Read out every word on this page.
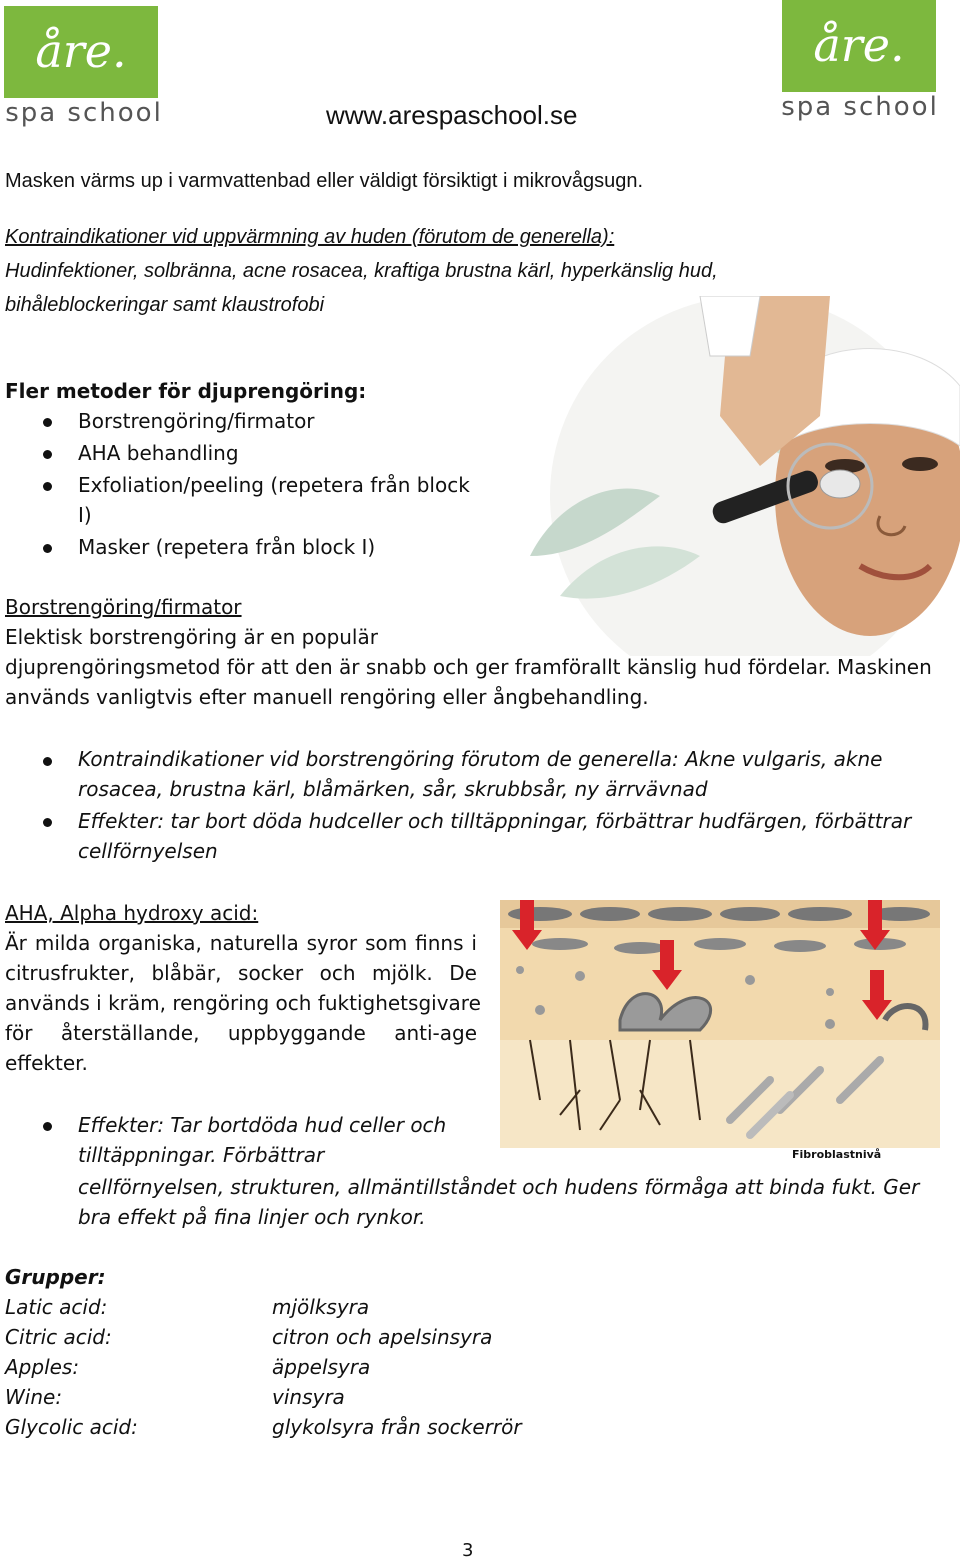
åre.
spa school
åre.
spa school
www.arespaschool.se
Masken värms up i varmvattenbad eller väldigt försiktigt i mikrovågsugn.
Kontraindikationer vid uppvärmning av huden (förutom de generella):
Hudinfektioner, solbränna, acne rosacea, kraftiga brustna kärl, hyperkänslig hud,
bihåleblockeringar samt klaustrofobi
Fler metoder för djuprengöring:
Borstrengöring/firmator
AHA behandling
Exfoliation/peeling (repetera från block
I)
Masker (repetera från block I)
Borstrengöring/firmator
Elektisk borstrengöring är en populär
djuprengöringsmetod för att den är snabb och ger framförallt känslig hud fördelar. Maskinen
används vanligtvis efter manuell rengöring eller ångbehandling.
Kontraindikationer vid borstrengöring förutom de generella: Akne vulgaris, akne
rosacea, brustna kärl, blåmärken, sår, skrubbsår, ny ärrvävnad
Effekter: tar bort döda hudceller och tilltäppningar, förbättrar hudfärgen, förbättrar
cellförnyelsen
AHA, Alpha hydroxy acid:
Är milda organiska, naturella syror som finns i
citrusfrukter, blåbär, socker och mjölk. De
används i kräm, rengöring och fuktighetsgivare
för återställande, uppbyggande anti-age
effekter.
Fibroblastnivå
Effekter: Tar bortdöda hud celler och
tilltäppningar. Förbättrar
cellförnyelsen, strukturen, allmäntillståndet och hudens förmåga att binda fukt. Ger
bra effekt på fina linjer och rynkor.
Grupper:
Latic acid:	mjölksyra
Citric acid:	citron och apelsinsyra
Apples:	äppelsyra
Wine:	vinsyra
Glycolic acid:	glykolsyra från sockerrör
3
